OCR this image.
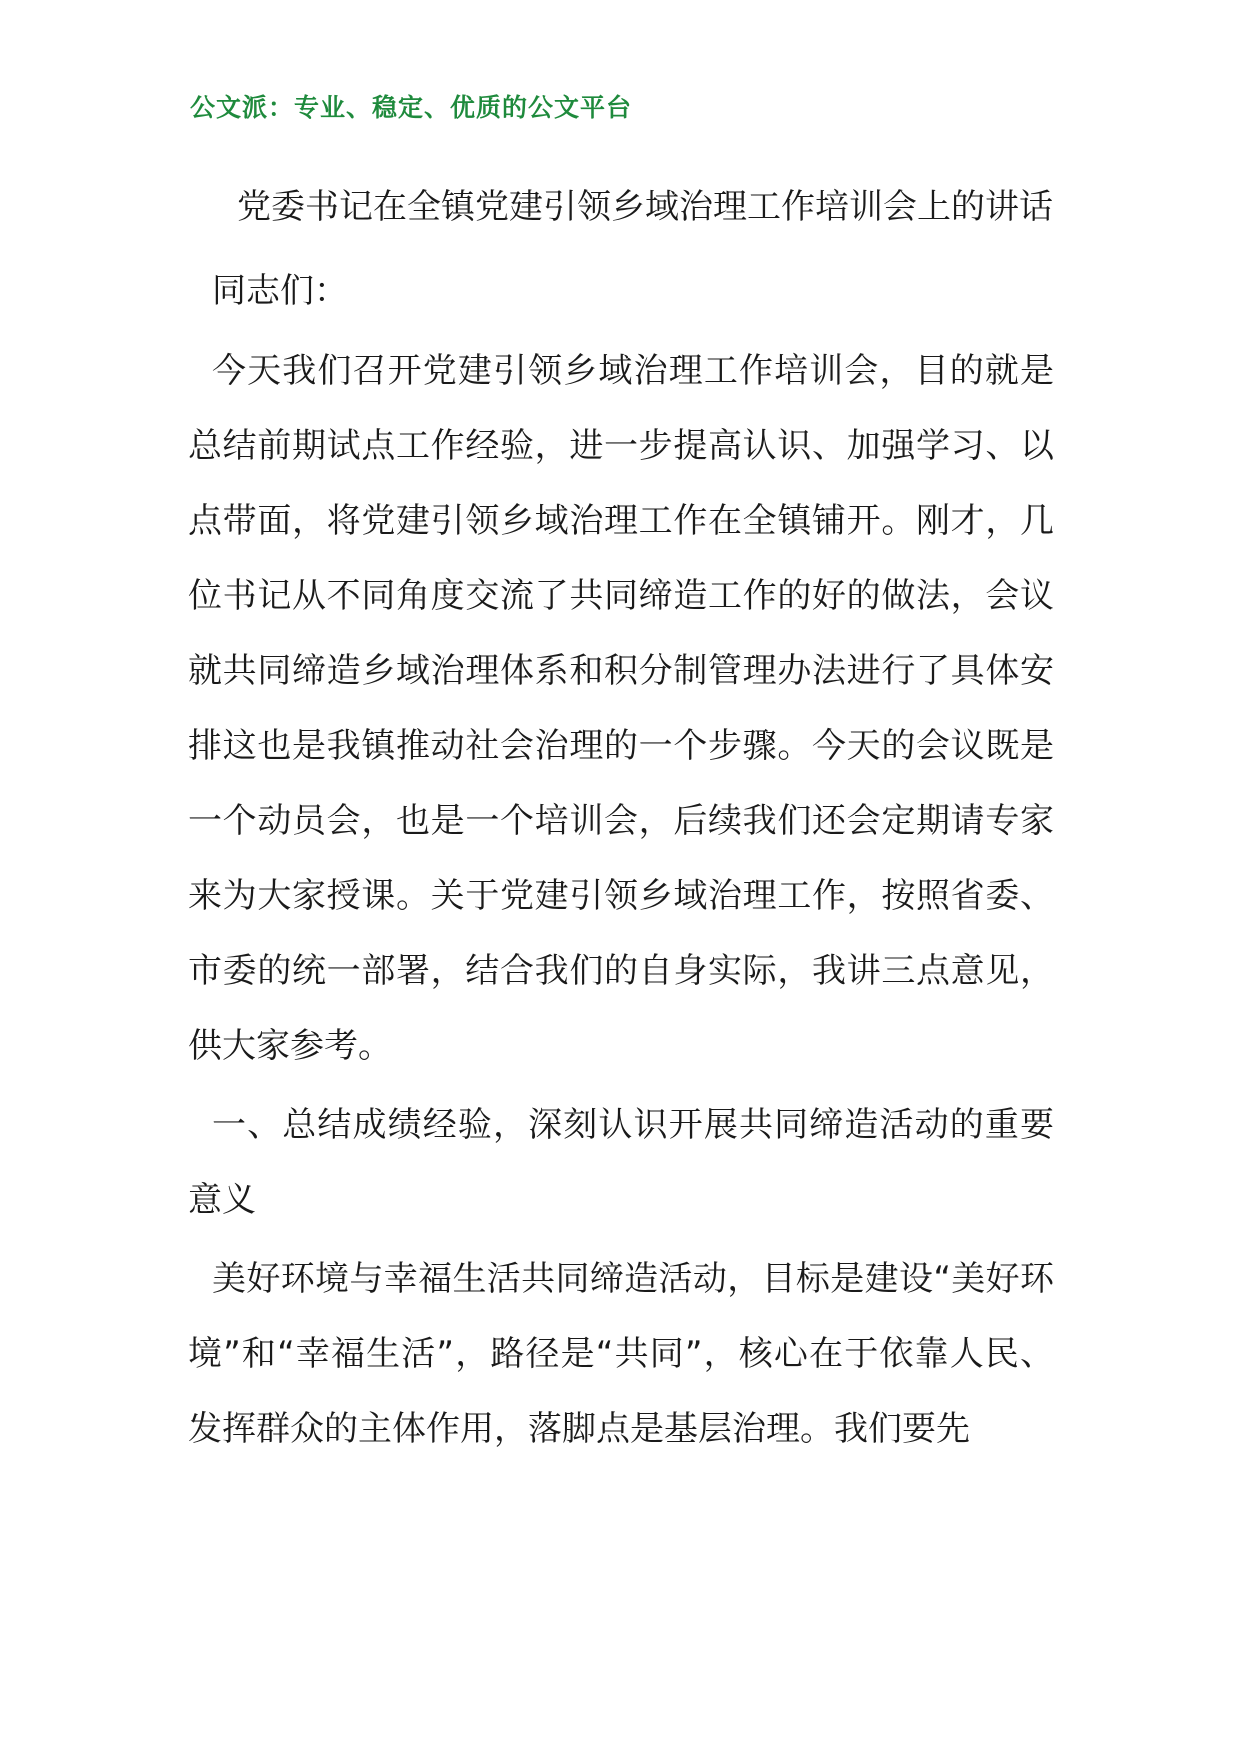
公文派：专业、稳定、优质的公文平台
党委书记在全镇党建引领乡域治理工作培训会上的讲话

同志们：

今天我们召开党建引领乡域治理工作培训会，目的就是总结前期试点工作经验，进一步提高认识、加强学习、以点带面，将党建引领乡域治理工作在全镇铺开。刚才，几位书记从不同角度交流了共同缔造工作的好的做法，会议就共同缔造乡域治理体系和积分制管理办法进行了具体安排这也是我镇推动社会治理的一个步骤。今天的会议既是一个动员会，也是一个培训会，后续我们还会定期请专家来为大家授课。关于党建引领乡域治理工作，按照省委、市委的统一部署，结合我们的自身实际，我讲三点意见，供大家参考。

一、总结成绩经验，深刻认识开展共同缔造活动的重要意义

美好环境与幸福生活共同缔造活动，目标是建设“美好环境”和“幸福生活”，路径是“共同”，核心在于依靠人民、发挥群众的主体作用，落脚点是基层治理。我们要先
